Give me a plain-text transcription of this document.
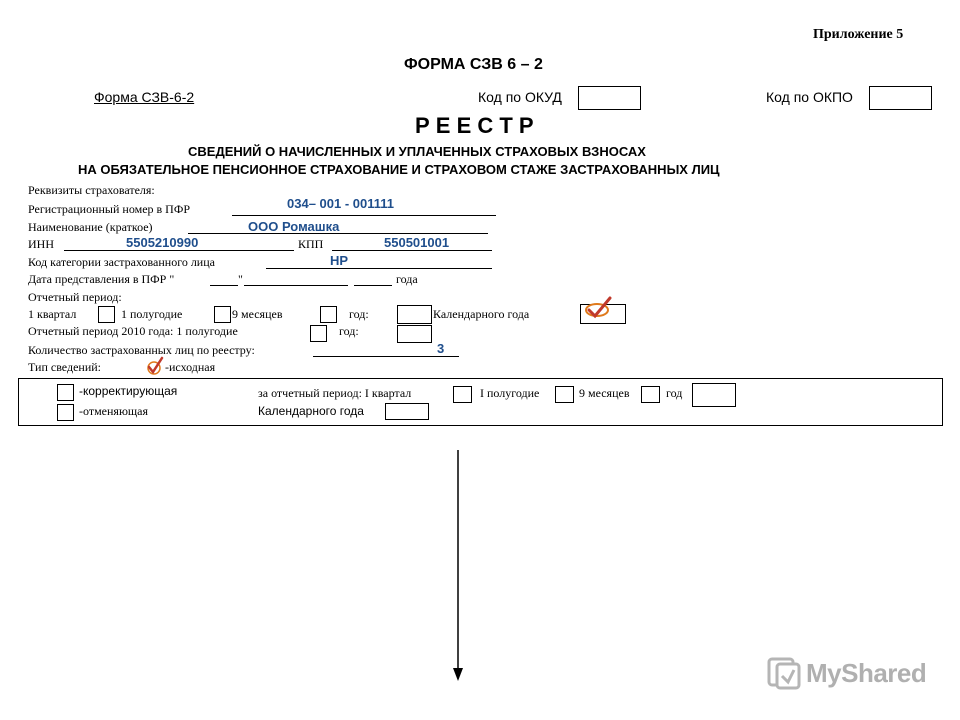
Приложение 5
ФОРМА СЗВ 6 – 2
Форма СЗВ-6-2	Код по ОКУД	Код по ОКПО
Р Е Е С Т Р
СВЕДЕНИЙ О НАЧИСЛЕННЫХ И УПЛАЧЕННЫХ СТРАХОВЫХ ВЗНОСАХ
НА ОБЯЗАТЕЛЬНОЕ ПЕНСИОННОЕ СТРАХОВАНИЕ И СТРАХОВОМ СТАЖЕ ЗАСТРАХОВАННЫХ ЛИЦ
Реквизиты страхователя:
Регистрационный номер в ПФР	034– 001 - 001111
Наименование (краткое)	ООО Ромашка
ИНН	5505210990	КПП	550501001
Код категории застрахованного лица	НР
Дата представления в ПФР "	"	года
Отчетный период:
1 квартал	1 полугодие	9 месяцев	год:	Календарного года
Отчетный период 2010 года: 1 полугодие	год:
Количество застрахованных лиц по реестру:	3
Тип сведений:	-исходная
-корректирующая
-отменяющая
за отчетный период: I квартал	I полугодие	9 месяцев	год
Календарного года
MyShared
